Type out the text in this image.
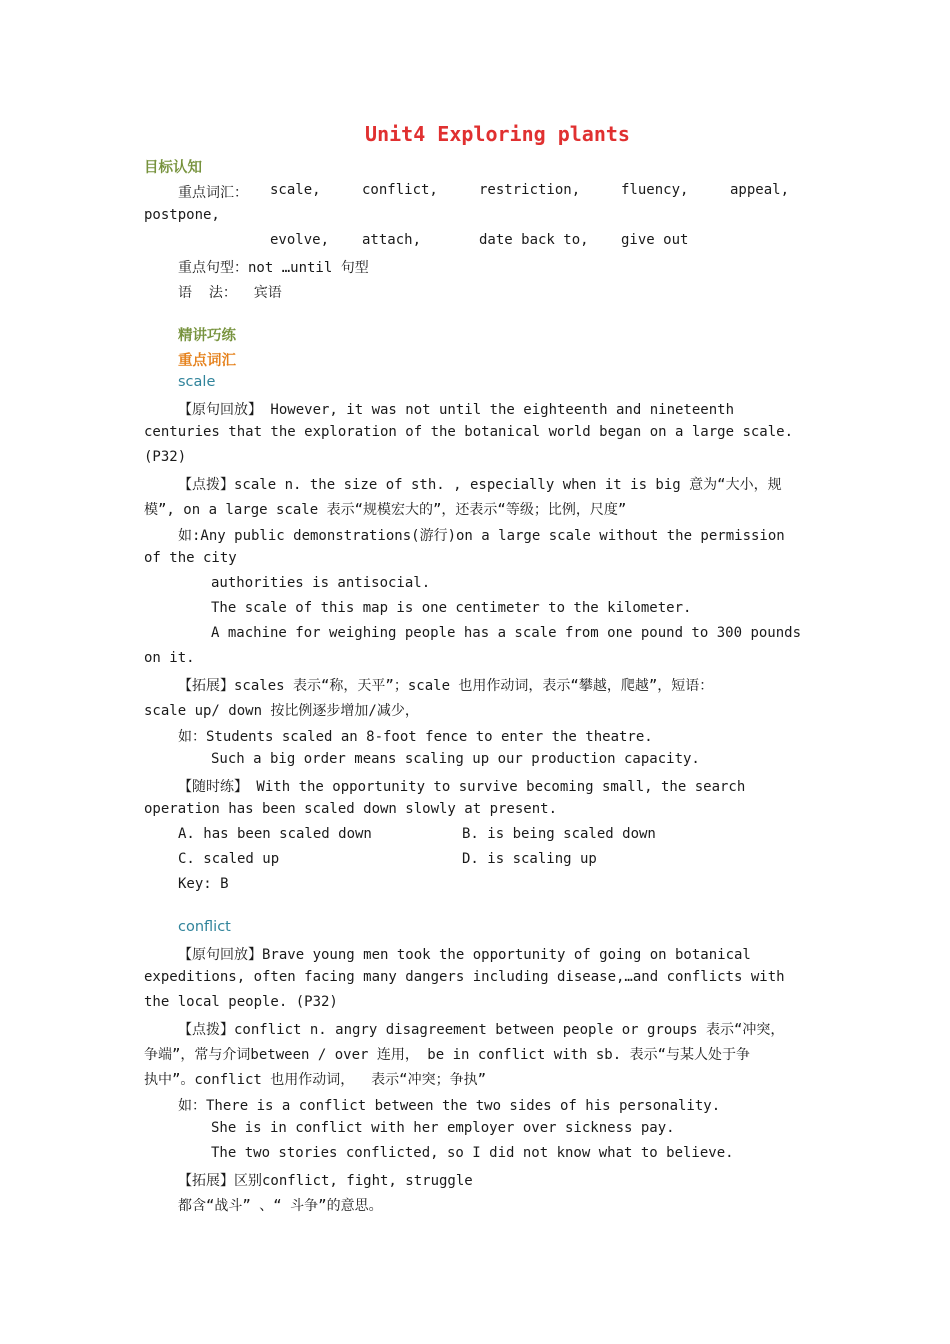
Unit4 Exploring plants
目标认知
重点词汇： scale,	conflict,	restriction,	fluency,	appeal,
postpone,
evolve, attach,	date back to, give out
重点句型：not …until 句型
语  法：  宾语
精讲巧练
重点词汇
scale
【原句回放】 However, it was not until the eighteenth and nineteenth
centuries that the exploration of the botanical world began on a large scale.
(P32)
【点拨】scale n. the size of sth. , especially when it is big 意为“大小，规
模”, on a large scale 表示“规模宏大的”，还表示“等级；比例，尺度”
如:Any public demonstrations(游行)on a large scale without the permission
of the city
authorities is antisocial.
The scale of this map is one centimeter to the kilometer.
A machine for weighing people has a scale from one pound to 300 pounds
on it.
【拓展】scales 表示“称，天平”；scale 也用作动词，表示“攀越，爬越”，短语：
scale up/ down 按比例逐步增加/减少，
如：Students scaled an 8-foot fence to enter the theatre.
Such a big order means scaling up our production capacity.
【随时练】 With the opportunity to survive becoming small, the search
operation has been scaled down slowly at present.
A. has been scaled down	B. is being scaled down
C. scaled up	D. is scaling up
Key: B
conflict
【原句回放】Brave young men took the opportunity of going on botanical
expeditions, often facing many dangers including disease,…and conflicts with
the local people. (P32)
【点拨】conflict n. angry disagreement between people or groups 表示“冲突，
争端”，常与介词between / over 连用， be in conflict with sb. 表示“与某人处于争
执中”。conflict 也用作动词，  表示“冲突；争执”
如：There is a conflict between the two sides of his personality.
She is in conflict with her employer over sickness pay.
The two stories conflicted, so I did not know what to believe.
【拓展】区别conflict, fight, struggle
都含“战斗” 、“ 斗争”的意思。
